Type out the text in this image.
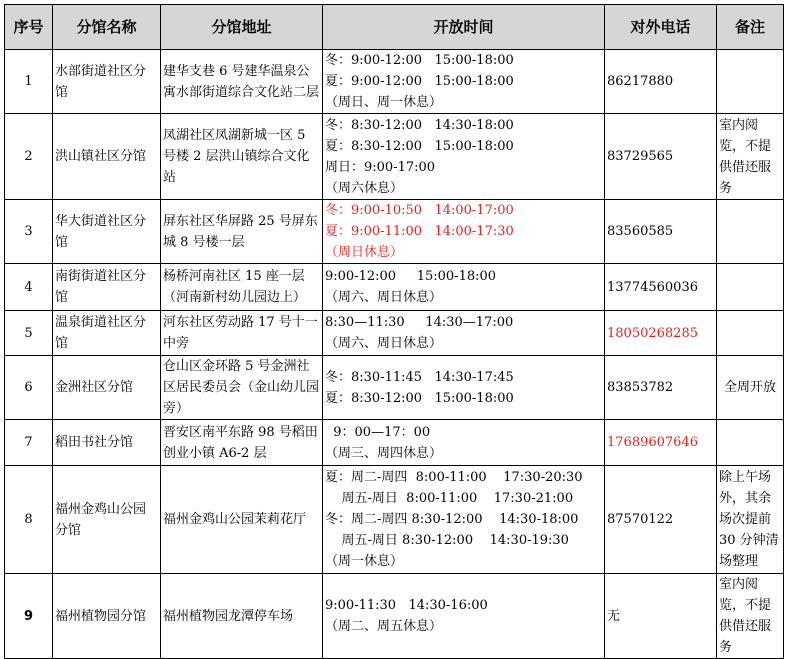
序号	分馆名称	分馆地址	开放时间	对外电话	备注
1	水部街道社区分馆	建华支巷 6 号建华温泉公寓水部街道综合文化站二层	冬：9:00-12:00   15:00-18:00
夏：9:00-12:00   15:00-18:00
（周日、周一休息）	86217880	
2	洪山镇社区分馆	凤湖社区凤湖新城一区 5 号楼 2 层洪山镇综合文化站	冬：8:30-12:00   14:30-18:00
夏：8:30-12:00   15:00-18:00
周日：9:00-17:00
（周六休息）	83729565	室内阅览，不提供借还服务
3	华大街道社区分馆	屏东社区华屏路 25 号屏东城 8 号楼一层	冬：9:00-10:50   14:00-17:00
夏：9:00-11:00   14:00-17:30
（周日休息）	83560585	
4	南街街道社区分馆	杨桥河南社区 15 座一层（河南新村幼儿园边上）	9:00-12:00     15:00-18:00
（周六、周日休息）	13774560036	
5	温泉街道社区分馆	河东社区劳动路 17 号十一中旁	8:30—11:30     14:30—17:00
（周六、周日休息）	18050268285	
6	金洲社区分馆	仓山区金环路 5 号金洲社区居民委员会（金山幼儿园旁）	冬：8:30-11:45   14:30-17:45
夏：8:30-12:00   15:00-18:00	83853782	全周开放
7	稻田书社分馆	晋安区南平东路 98 号稻田创业小镇 A6-2 层	9：00—17：00
（周三、周四休息）	17689607646	
8	福州金鸡山公园分馆	福州金鸡山公园茉莉花厅	夏：周二-周四  8:00-11:00    17:30-20:30
周五-周日  8:00-11:00    17:30-21:00
冬：周二-周四 8:30-12:00    14:30-18:00
周五-周日 8:30-12:00    14:30-19:30
（周一休息）	87570122	除上午场外，其余场次提前 30 分钟清场整理
9	福州植物园分馆	福州植物园龙潭停车场	9:00-11:30   14:30-16:00
（周二、周五休息）	无	室内阅览，不提供借还服务
